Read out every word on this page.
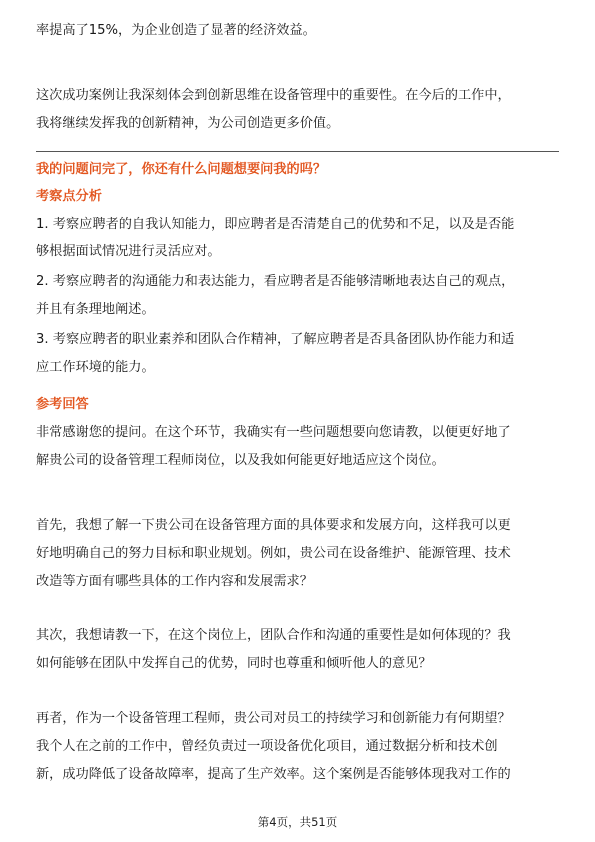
率提高了15%，为企业创造了显著的经济效益。
这次成功案例让我深刻体会到创新思维在设备管理中的重要性。在今后的工作中，
我将继续发挥我的创新精神，为公司创造更多价值。
我的问题问完了，你还有什么问题想要问我的吗？
考察点分析
1. 考察应聘者的自我认知能力，即应聘者是否清楚自己的优势和不足，以及是否能
够根据面试情况进行灵活应对。
2. 考察应聘者的沟通能力和表达能力，看应聘者是否能够清晰地表达自己的观点，
并且有条理地阐述。
3. 考察应聘者的职业素养和团队合作精神，了解应聘者是否具备团队协作能力和适
应工作环境的能力。
参考回答
非常感谢您的提问。在这个环节，我确实有一些问题想要向您请教，以便更好地了
解贵公司的设备管理工程师岗位，以及我如何能更好地适应这个岗位。
首先，我想了解一下贵公司在设备管理方面的具体要求和发展方向，这样我可以更
好地明确自己的努力目标和职业规划。例如，贵公司在设备维护、能源管理、技术
改造等方面有哪些具体的工作内容和发展需求？
其次，我想请教一下，在这个岗位上，团队合作和沟通的重要性是如何体现的？我
如何能够在团队中发挥自己的优势，同时也尊重和倾听他人的意见？
再者，作为一个设备管理工程师，贵公司对员工的持续学习和创新能力有何期望？
我个人在之前的工作中，曾经负责过一项设备优化项目，通过数据分析和技术创
新，成功降低了设备故障率，提高了生产效率。这个案例是否能够体现我对工作的
第4页，共51页
